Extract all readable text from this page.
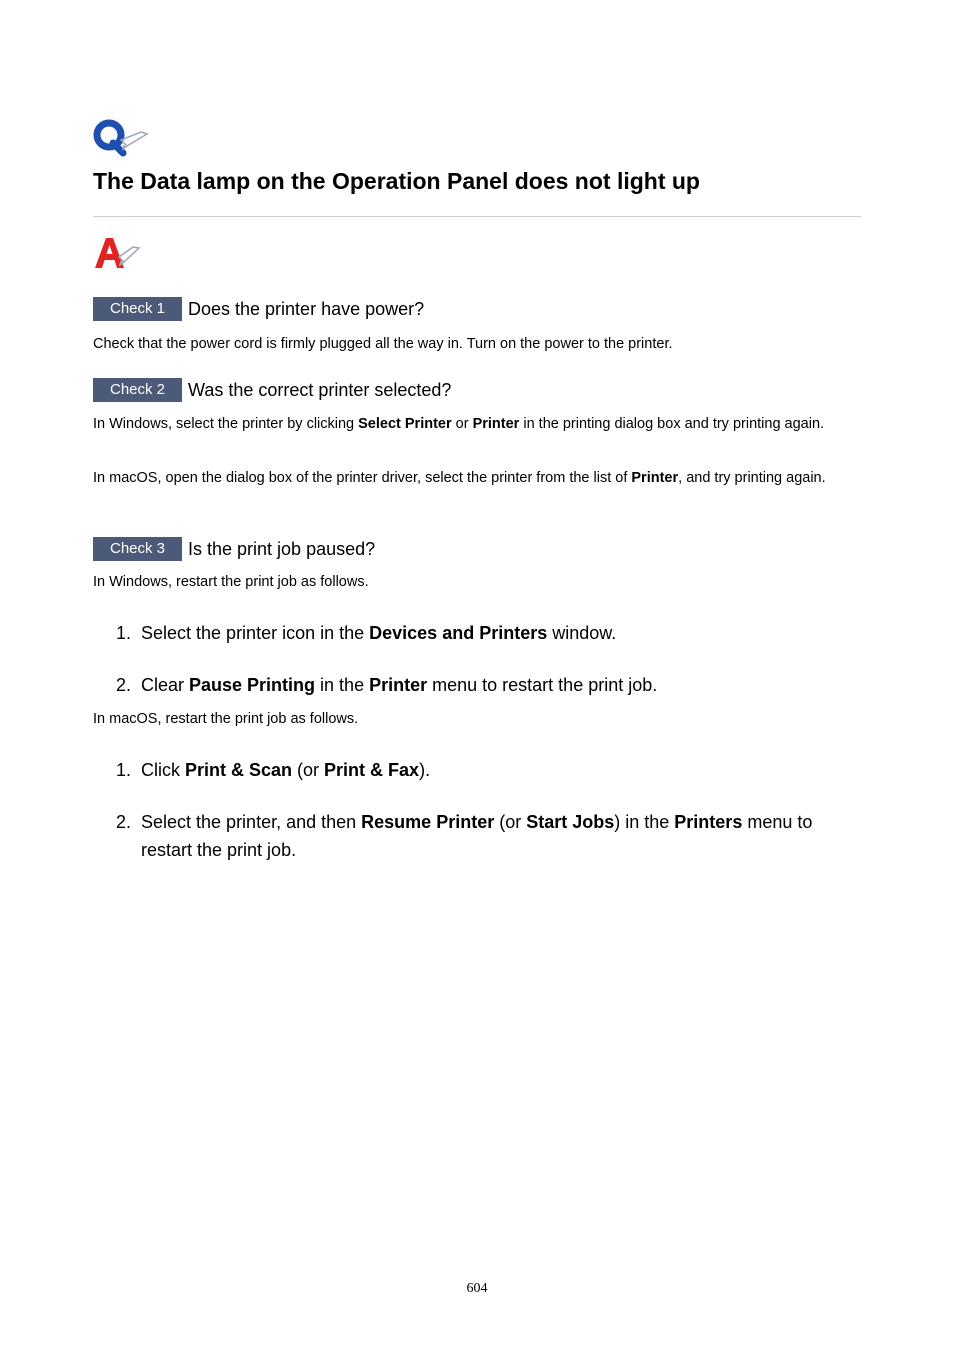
The Data lamp on the Operation Panel does not light up
Check 1	Does the printer have power?

Check that the power cord is firmly plugged all the way in. Turn on the power to the printer.

Check 2	Was the correct printer selected?

In Windows, select the printer by clicking Select Printer or Printer in the printing dialog box and try printing again.

In macOS, open the dialog box of the printer driver, select the printer from the list of Printer, and try printing again.

Check 3	Is the print job paused?

In Windows, restart the print job as follows.

1. Select the printer icon in the Devices and Printers window.
2. Clear Pause Printing in the Printer menu to restart the print job.

In macOS, restart the print job as follows.

1. Click Print & Scan (or Print & Fax).
2. Select the printer, and then Resume Printer (or Start Jobs) in the Printers menu to restart the print job.
604
